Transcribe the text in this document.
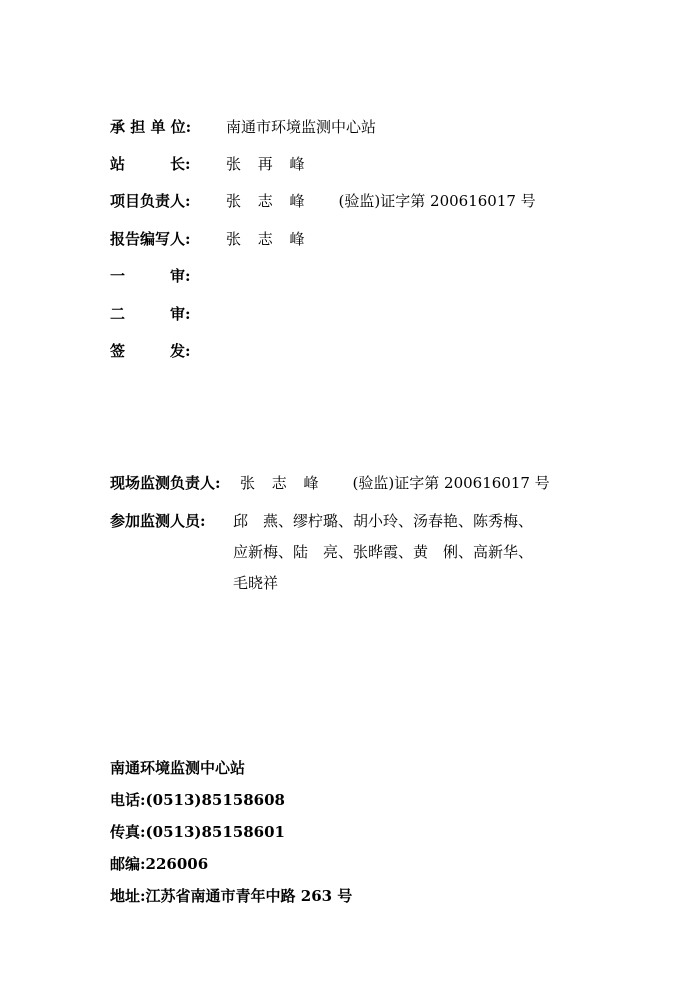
承 担 单 位: 南通市环境监测中心站
站　　　长: 张 再 峰
项目负责人: 张 志 峰 (验监)证字第 200616017 号
报告编写人: 张 志 峰
一　　　审:
二　　　审:
签　　　发:
现场监测负责人: 张 志 峰 (验监)证字第 200616017 号
参加监测人员: 邱　燕、缪柠璐、胡小玲、汤春艳、陈秀梅、
应新梅、陆　亮、张晔霞、黄　俐、高新华、
毛晓祥
南通环境监测中心站
电话:(0513)85158608
传真:(0513)85158601
邮编:226006
地址:江苏省南通市青年中路 263 号
